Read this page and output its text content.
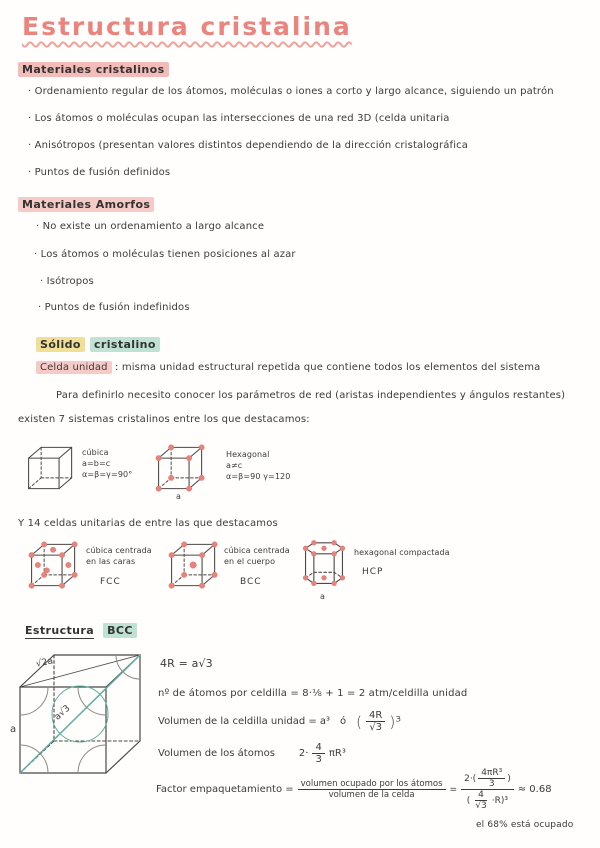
Estructura cristalina
Materiales cristalinos
· Ordenamiento regular de los átomos, moléculas o iones a corto y largo alcance, siguiendo un patrón
· Los átomos o moléculas ocupan las intersecciones de una red 3D (celda unitaria
· Anisótropos (presentan valores distintos dependiendo de la dirección cristalográfica
· Puntos de fusión definidos
Materiales Amorfos
· No existe un ordenamiento a largo alcance
· Los átomos o moléculas tienen posiciones al azar
· Isótropos
· Puntos de fusión indefinidos
Sólido cristalino
Celda unidad : misma unidad estructural repetida que contiene todos los elementos del sistema
Para definirlo necesito conocer los parámetros de red (aristas independientes y ángulos restantes)
existen 7 sistemas cristalinos entre los que destacamos:
cúbica
a=b=c
α=β=γ=90°
a
Hexagonal
a≠c
α=β=90 γ=120
Y 14 celdas unitarias de entre las que destacamos
cúbica centrada
en las caras
FCC
cúbica centrada
en el cuerpo
BCC
a
hexagonal compactada
HCP
Estructura BCC
√2a
a
a√3
4R = a√3
nº de átomos por celdilla = 8·⅛ + 1 = 2 atm/celdilla unidad
Volumen de la celdilla unidad = a³ ó ( $\frac{4R}{√3} )^3$
Volumen de los átomos $2\cdot \frac{4}{3} \pi R^3$
Factor empaquetamiento = $\frac{\text{volumen ocupado por los átomos}}{\text{volumen de la celda}} = \frac{2\cdot( \frac{\text{4πR³}}{3} )}{( \frac{4}{√3} \cdot R)^3} \approx 0.68$
el 68% está ocupado
